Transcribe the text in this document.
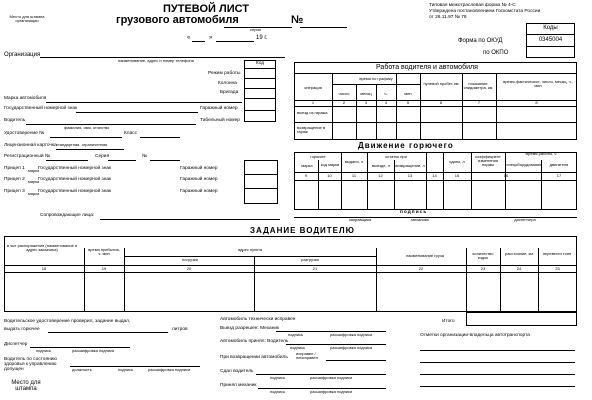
Место для штампа организации
ПУТЕВОЙ ЛИСТ
грузового автомобиля	№
серия
«	»	19 г.
Типовая межотраслевая форма № 4-С
Утверждена постановлением Госкомстата России
от 28.11.97 № 78
Коды
Форма по ОКУД	0345004
по ОКПО
Организация
наименование, адрес и номер телефона
Код
Режим работы
Колонна
Бригада
Марка автомобиля
Государственный номерной знак	Гаражный номер
Водитель	Табельный номер
фамилия, имя, отчество
Удостоверение №	Класс
Лицензионная карточка стандартная, ограниченная
Регистрационный №	Серия	№
Прицеп 1 марка
Государственный номерной знак	Гаражный номер
Прицеп 2 марка
Государственный номерной знак	Гаражный номер
Прицеп 3 марка
Государственный номерной знак	Гаражный номер
Сопровождающие лица:
Работа водителя и автомобиля
операция
время по графику
число	месяц	ч.	мин
нулевой пробег, км	показание спидометра, км
время фактическое, число, месяц, ч., мин
1	2	3	4	5	6	7	8
выезд из гаража
возвращение в гараж
Движение горючего
горючее
марка	код марки
выдано, л
остаток при
выезде, л	возвращении, л
сдано, л
коэффициент изменения нормы
Время работы, ч
спецоборудования	двигателя
9	10	11	12	13	14	15	16	17
подпись
заправщика	механика	диспетчера
ЗАДАНИЕ ВОДИТЕЛЮ
в чье распоряжение (наименование и адрес заказчика)	время прибытия, ч. мин
адрес пункта
погрузки	разгрузки
наименование груза	количество ездок
расстояние, км	перевезти тонн
18	19	20	21	22	23	24	25
Итого
Водительское удостоверение проверил, задание выдал,
выдать горючее	литров
Диспетчер
подпись	расшифровка подписи
Водитель по состоянию здоровья к управлению допущен	должность	подпись	расшифровка подписи
Место для штампа
Автомобиль технически исправен
Выезд разрешен: Механик
подпись	расшифровка подписи
Автомобиль принял: Водитель
подпись	расшифровка подписи
При возвращении автомобиль
исправен / неисправен
Сдал водитель
подпись	расшифровка подписи
Принял механик
подпись	расшифровка подписи
Отметки организации-владельца автотранспорта
